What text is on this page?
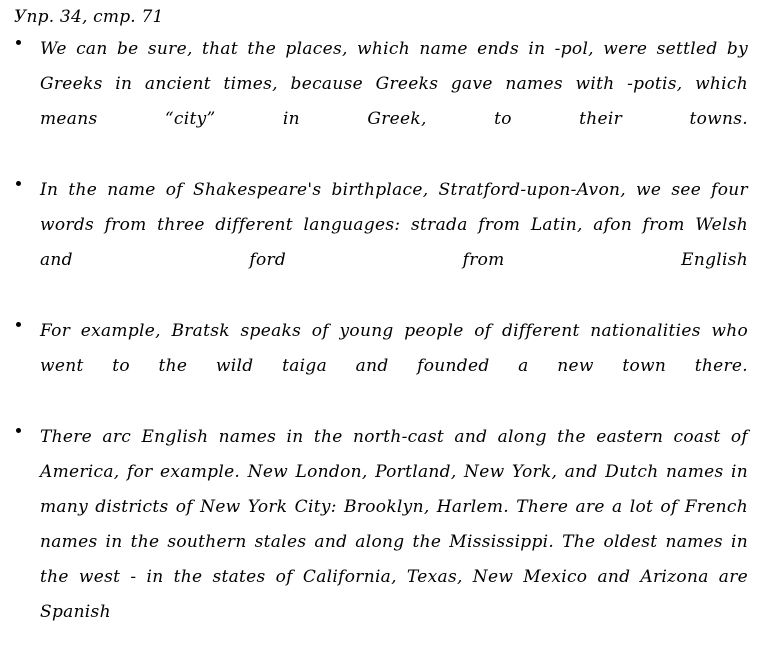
Упр. 34, стр. 71
We can be sure, that the places, which name ends in -pol, were settled by Greeks in ancient times, because Greeks gave names with -potis, which means “city” in Greek, to their towns.
In the name of Shakespeare's birthplace, Stratford-upon-Avon, we see four words from three different languages: strada from Latin, afon from Welsh and ford from English
For example, Bratsk speaks of young people of different nationalities who went to the wild taiga and founded a new town there.
There arc English names in the north-cast and along the eastern coast of America, for example. New London, Portland, New York, and Dutch names in many districts of New York City: Brooklyn, Harlem. There are a lot of French names in the southern stales and along the Mississippi. The oldest names in the west - in the states of California, Texas, New Mexico and Arizona are Spanish
